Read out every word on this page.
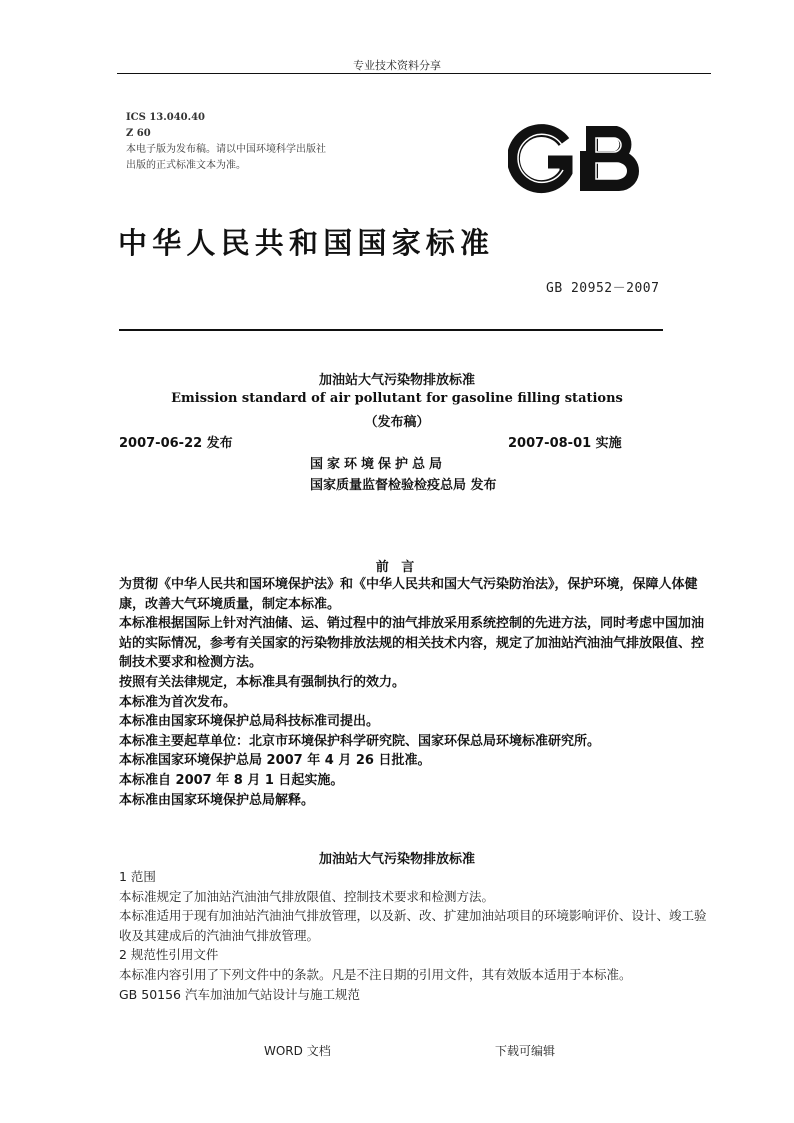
专业技术资料分享
ICS 13.040.40
Z 60
本电子版为发布稿。请以中国环境科学出版社
出版的正式标准文本为准。
中华人民共和国国家标准
GB 20952－2007
加油站大气污染物排放标准
Emission standard of air pollutant for gasoline filling stations
（发布稿）
2007-06-22 发布	2007-08-01 实施
国家环境保护总局
国家质量监督检验检疫总局 发布
前 言

为贯彻《中华人民共和国环境保护法》和《中华人民共和国大气污染防治法》，保护环境，保障人体健康，改善大气环境质量，制定本标准。

本标准根据国际上针对汽油储、运、销过程中的油气排放采用系统控制的先进方法，同时考虑中国加油站的实际情况，参考有关国家的污染物排放法规的相关技术内容，规定了加油站汽油油气排放限值、控制技术要求和检测方法。

按照有关法律规定，本标准具有强制执行的效力。

本标准为首次发布。

本标准由国家环境保护总局科技标准司提出。

本标准主要起草单位：北京市环境保护科学研究院、国家环保总局环境标准研究所。

本标准国家环境保护总局 2007 年 4 月 26 日批准。

本标准自 2007 年 8 月 1 日起实施。

本标准由国家环境保护总局解释。

加油站大气污染物排放标准

1 范围

本标准规定了加油站汽油油气排放限值、控制技术要求和检测方法。

本标准适用于现有加油站汽油油气排放管理，以及新、改、扩建加油站项目的环境影响评价、设计、竣工验收及其建成后的汽油油气排放管理。

2 规范性引用文件

本标准内容引用了下列文件中的条款。凡是不注日期的引用文件，其有效版本适用于本标准。

GB 50156 汽车加油加气站设计与施工规范

WORD 文档	下载可编辑
